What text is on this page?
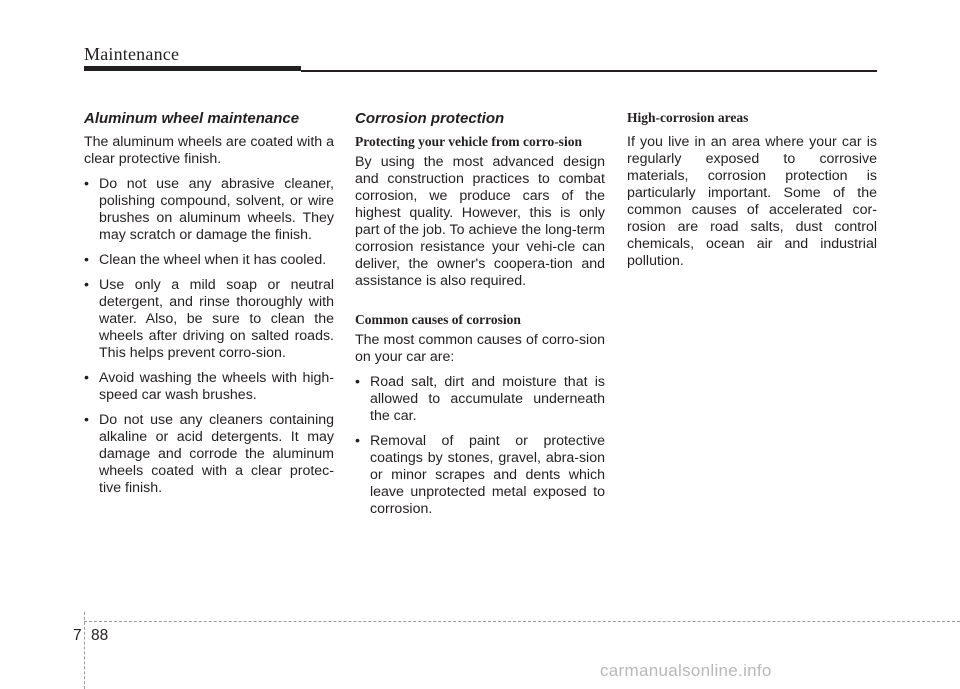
Maintenance
Aluminum wheel maintenance

The aluminum wheels are coated with a clear protective finish.

• Do not use any abrasive cleaner, polishing compound, solvent, or wire brushes on aluminum wheels. They may scratch or damage the finish.
• Clean the wheel when it has cooled.
• Use only a mild soap or neutral detergent, and rinse thoroughly with water. Also, be sure to clean the wheels after driving on salted roads. This helps prevent corro-sion.
• Avoid washing the wheels with high-speed car wash brushes.
• Do not use any cleaners containing alkaline or acid detergents. It may damage and corrode the aluminum wheels coated with a clear protec-tive finish.
Corrosion protection
Protecting your vehicle from corro-sion

By using the most advanced design and construction practices to combat corrosion, we produce cars of the highest quality. However, this is only part of the job. To achieve the long-term corrosion resistance your vehi-cle can deliver, the owner's coopera-tion and assistance is also required.

Common causes of corrosion

The most common causes of corro-sion on your car are:

• Road salt, dirt and moisture that is allowed to accumulate underneath the car.
• Removal of paint or protective coatings by stones, gravel, abra-sion or minor scrapes and dents which leave unprotected metal exposed to corrosion.
High-corrosion areas

If you live in an area where your car is regularly exposed to corrosive materials, corrosion protection is particularly important. Some of the common causes of accelerated cor-rosion are road salts, dust control chemicals, ocean air and industrial pollution.

7 88
carmanualsonline.info
